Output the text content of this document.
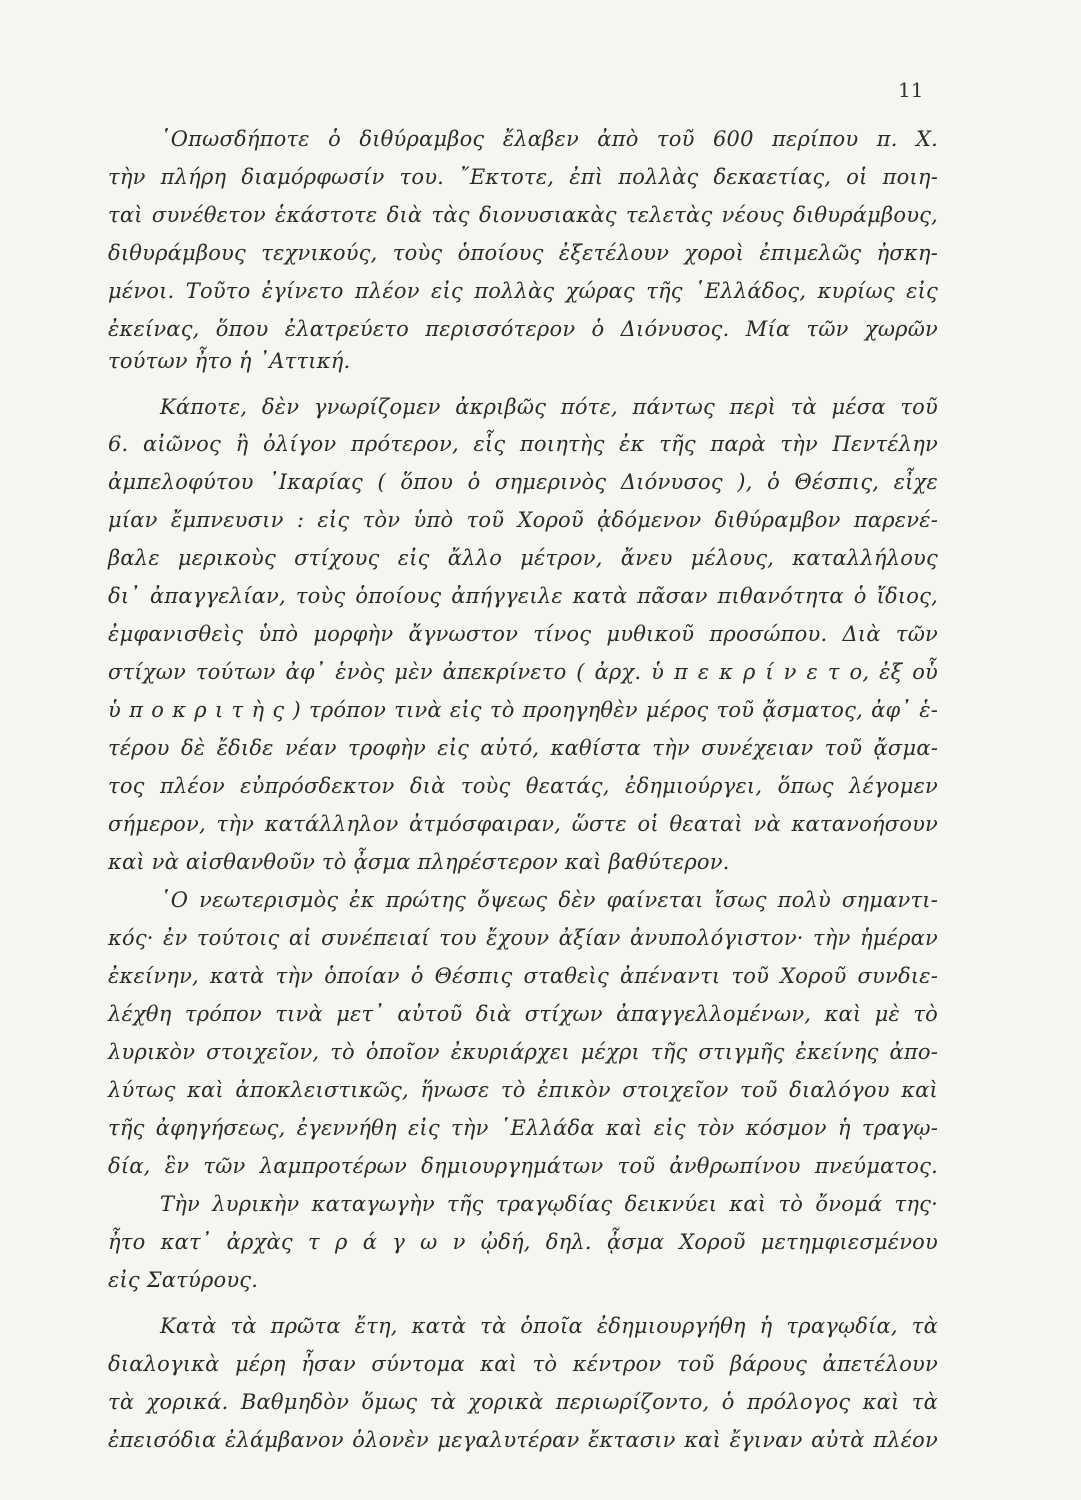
11
῾Οπωσδήποτε ὁ διθύραμβος ἔλαβεν ἀπὸ τοῦ 600 περίπου π. Χ.
τὴν πλήρη διαμόρφωσίν του. ῎Εκτοτε, ἐπὶ πολλὰς δεκαετίας, οἱ ποιη-
ταὶ συνέθετον ἑκάστοτε διὰ τὰς διονυσιακὰς τελετὰς νέους διθυράμβους,
διθυράμβους τεχνικούς, τοὺς ὁποίους ἐξετέλουν χοροὶ ἐπιμελῶς ἠσκη-
μένοι. Τοῦτο ἐγίνετο πλέον εἰς πολλὰς χώρας τῆς ῾Ελλάδος, κυρίως εἰς
ἐκείνας, ὅπου ἐλατρεύετο περισσότερον ὁ Διόνυσος. Μία τῶν χωρῶν
τούτων ἦτο ἡ ᾿Αττική.
Κάποτε, δὲν γνωρίζομεν ἀκριβῶς πότε, πάντως περὶ τὰ μέσα τοῦ
6. αἰῶνος ἢ ὀλίγον πρότερον, εἷς ποιητὴς ἐκ τῆς παρὰ τὴν Πεντέλην
ἀμπελοφύτου ᾿Ικαρίας ( ὅπου ὁ σημερινὸς Διόνυσος ), ὁ Θέσπις, εἶχε
μίαν ἔμπνευσιν : εἰς τὸν ὑπὸ τοῦ Χοροῦ ᾀδόμενον διθύραμβον παρενέ-
βαλε μερικοὺς στίχους εἰς ἄλλο μέτρον, ἄνευ μέλους, καταλλήλους
δι᾿ ἀπαγγελίαν, τοὺς ὁποίους ἀπήγγειλε κατὰ πᾶσαν πιθανότητα ὁ ἴδιος,
ἐμφανισθεὶς ὑπὸ μορφὴν ἄγνωστον τίνος μυθικοῦ προσώπου. Διὰ τῶν
στίχων τούτων ἀφ᾿ ἑνὸς μὲν ἀπεκρίνετο ( ἀρχ. ὑ π ε κ ρ ί ν ε τ ο, ἐξ οὗ
ὑ π ο κ ρ ι τ ὴ ς ) τρόπον τινὰ εἰς τὸ προηγηθὲν μέρος τοῦ ᾄσματος, ἀφ᾿ ἑ-
τέρου δὲ ἔδιδε νέαν τροφὴν εἰς αὐτό, καθίστα τὴν συνέχειαν τοῦ ᾄσμα-
τος πλέον εὐπρόσδεκτον διὰ τοὺς θεατάς, ἐδημιούργει, ὅπως λέγομεν
σήμερον, τὴν κατάλληλον ἀτμόσφαιραν, ὥστε οἱ θεαταὶ νὰ κατανοήσουν
καὶ νὰ αἰσθανθοῦν τὸ ᾆσμα πληρέστερον καὶ βαθύτερον.
῾Ο νεωτερισμὸς ἐκ πρώτης ὄψεως δὲν φαίνεται ἴσως πολὺ σημαντι-
κός· ἐν τούτοις αἱ συνέπειαί του ἔχουν ἀξίαν ἀνυπολόγιστον· τὴν ἡμέραν
ἐκείνην, κατὰ τὴν ὁποίαν ὁ Θέσπις σταθεὶς ἀπέναντι τοῦ Χοροῦ συνδιε-
λέχθη τρόπον τινὰ μετ᾿ αὐτοῦ διὰ στίχων ἀπαγγελλομένων, καὶ μὲ τὸ
λυρικὸν στοιχεῖον, τὸ ὁποῖον ἐκυριάρχει μέχρι τῆς στιγμῆς ἐκείνης ἀπο-
λύτως καὶ ἀποκλειστικῶς, ἥνωσε τὸ ἐπικὸν στοιχεῖον τοῦ διαλόγου καὶ
τῆς ἀφηγήσεως, ἐγεννήθη εἰς τὴν ῾Ελλάδα καὶ εἰς τὸν κόσμον ἡ τραγῳ-
δία, ἓν τῶν λαμπροτέρων δημιουργημάτων τοῦ ἀνθρωπίνου πνεύματος.
Τὴν λυρικὴν καταγωγὴν τῆς τραγῳδίας δεικνύει καὶ τὸ ὄνομά της·
ἦτο κατ᾿ ἀρχὰς τ ρ ά γ ω ν ᾠδή, δηλ. ᾆσμα Χοροῦ μετημφιεσμένου
εἰς Σατύρους.
Κατὰ τὰ πρῶτα ἔτη, κατὰ τὰ ὁποῖα ἐδημιουργήθη ἡ τραγῳδία, τὰ
διαλογικὰ μέρη ἦσαν σύντομα καὶ τὸ κέντρον τοῦ βάρους ἀπετέλουν
τὰ χορικά. Βαθμηδὸν ὅμως τὰ χορικὰ περιωρίζοντο, ὁ πρόλογος καὶ τὰ
ἐπεισόδια ἐλάμβανον ὁλονὲν μεγαλυτέραν ἔκτασιν καὶ ἔγιναν αὐτὰ πλέον
